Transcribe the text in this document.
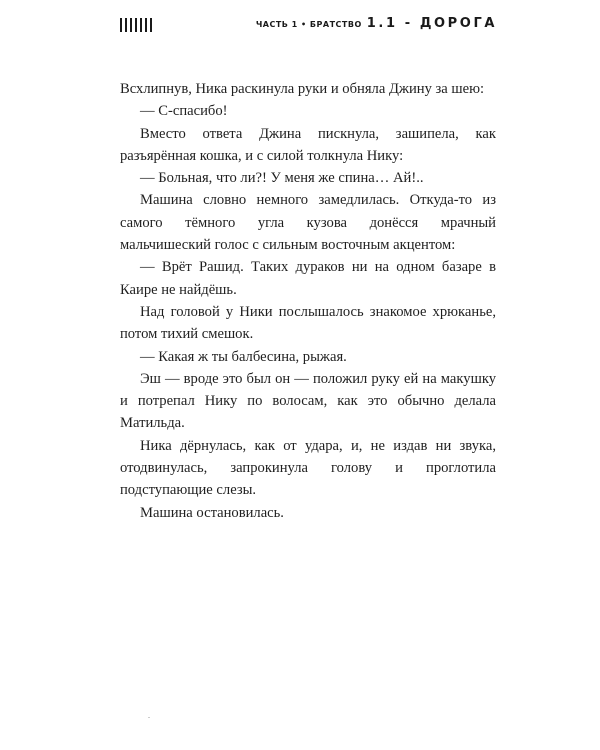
ЧАСТЬ 1 • БРАТСТВО 1.1 - ДОРОГА

Всхлипнув, Ника раскинула руки и обняла Джину за шею:

— С-спасибо!

Вместо ответа Джина пискнула, зашипела, как разъярённая кошка, и с силой толкнула Нику:

— Больная, что ли?! У меня же спина… Ай!..

Машина словно немного замедлилась. Откуда-то из самого тёмного угла кузова донёсся мрачный мальчишеский голос с сильным восточным акцентом:

— Врёт Рашид. Таких дураков ни на одном базаре в Каире не найдёшь.

Над головой у Ники послышалось знакомое хрюканье, потом тихий смешок.

— Какая ж ты балбесина, рыжая.

Эш — вроде это был он — положил руку ей на макушку и потрепал Нику по волосам, как это обычно делала Матильда.

Ника дёрнулась, как от удара, и, не издав ни звука, отодвинулась, запрокинула голову и проглотила подступающие слезы.

Машина остановилась.
